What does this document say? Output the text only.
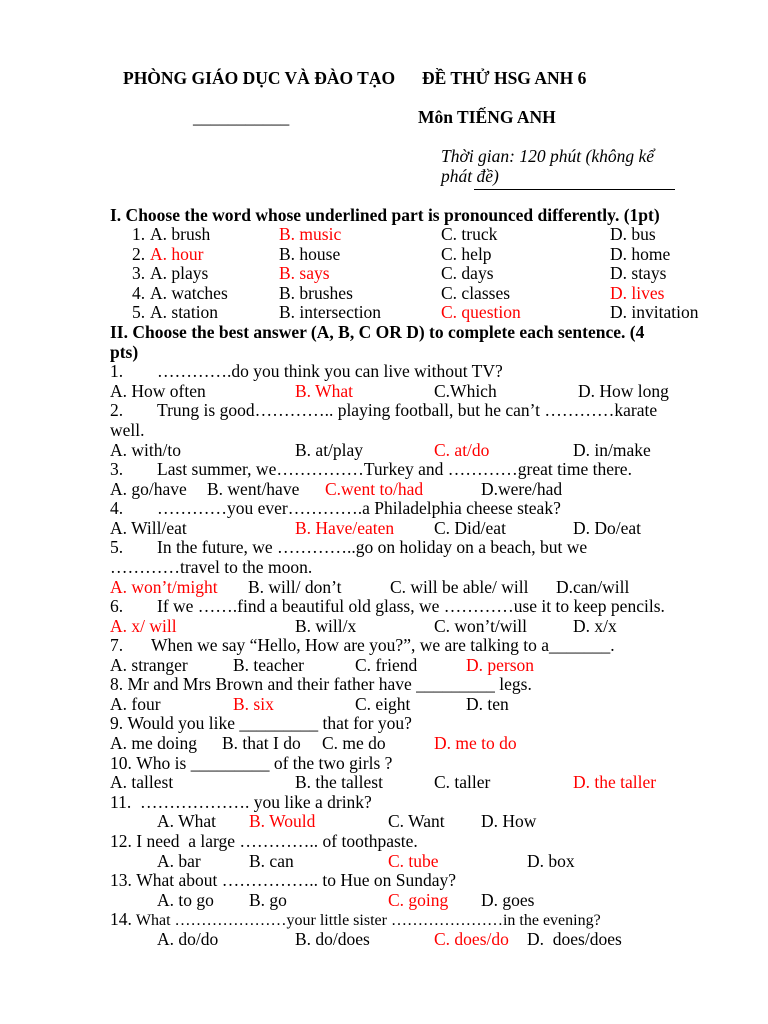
PHÒNG GIÁO DỤC VÀ ĐÀO TẠO ĐỀ THỬ HSG ANH 6
___________	Môn TIẾNG ANH
Thời gian: 120 phút (không kể
phát đề)
I. Choose the word whose underlined part is pronounced differently. (1pt)
1. A. brush	B. music	C. truck	D. bus
2. A. hour	B. house	C. help	D. home
3. A. plays	B. says	C. days	D. stays
4. A. watches	B. brushes	C. classes	D. lives
5. A. station	B. intersection	C. question	D. invitation
II. Choose the best answer (A, B, C OR D) to complete each sentence. (4
pts)
1. ………….do you think you can live without TV?
A. How often	B. What	C.Which	D. How long
2. Trung is good………….. playing football, but he can’t …………karate
well.
A. with/to	B. at/play	C. at/do	D. in/make
3. Last summer, we……………Turkey and …………great time there.
A. go/have B. went/have C.went to/had	D.were/had
4. …………you ever………….a Philadelphia cheese steak?
A. Will/eat	B. Have/eaten C. Did/eat	D. Do/eat
5. In the future, we …………..go on holiday on a beach, but we
…………travel to the moon.
A. won’t/might B. will/ don’t	C. will be able/ will D.can/will
6. If we …….find a beautiful old glass, we …………use it to keep pencils.
A. x/ will	B. will/x	C. won’t/will	D. x/x
7. When we say “Hello, How are you?”, we are talking to a_______.
A. stranger	B. teacher	C. friend	D. person
8. Mr and Mrs Brown and their father have _________ legs.
A. four	B. six	C. eight	D. ten
9. Would you like _________ that for you?
A. me doing B. that I do C. me do	D. me to do
10. Who is _________ of the two girls ?
A. tallest	B. the tallest	C. taller	D. the taller
11. ………………. you like a drink?
A. What B. Would	C. Want D. How
12. I need  a large ………….. of toothpaste.
A. bar	B. can	C. tube	D. box
13. What about …………….. to Hue on Sunday?
A. to go B. go	C. going D. goes
14. What …………………your little sister …………………in the evening?
A. do/do	B. do/does	C. does/do D.  does/does
